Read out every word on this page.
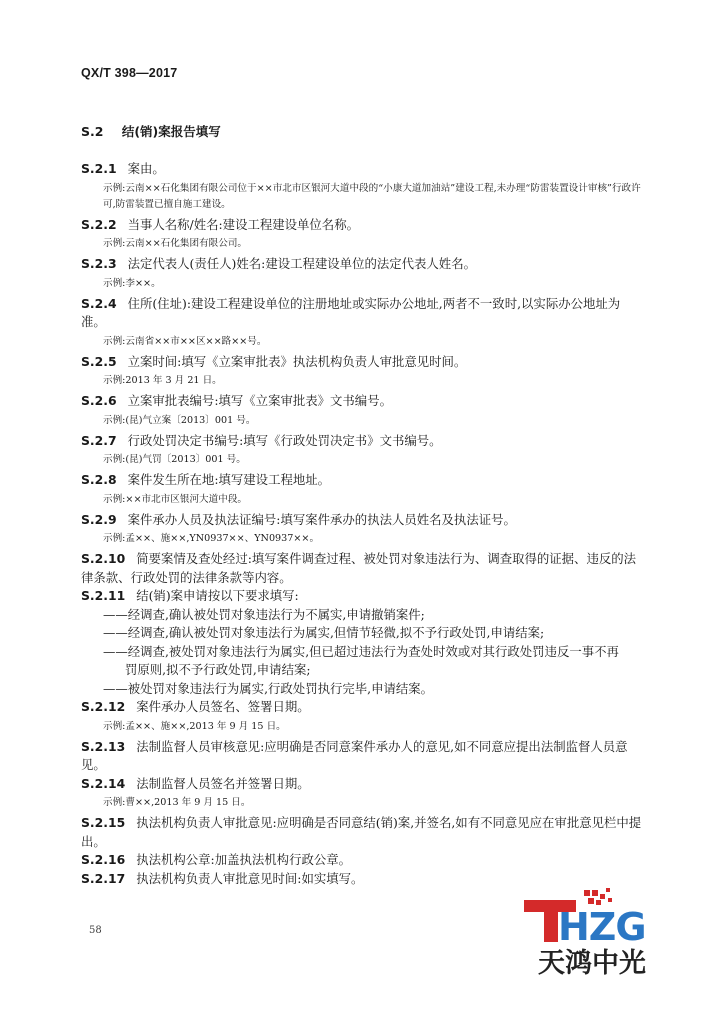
QX/T 398—2017
S.2 结(销)案报告填写

S.2.1 案由。

示例:云南××石化集团有限公司位于××市北市区银河大道中段的“小康大道加油站”建设工程,未办理“防雷装置设计审核”行政许可,防雷装置已擅自施工建设。

S.2.2 当事人名称/姓名:建设工程建设单位名称。

示例:云南××石化集团有限公司。

S.2.3 法定代表人(责任人)姓名:建设工程建设单位的法定代表人姓名。

示例:李××。

S.2.4 住所(住址):建设工程建设单位的注册地址或实际办公地址,两者不一致时,以实际办公地址为准。

示例:云南省××市××区××路××号。

S.2.5 立案时间:填写《立案审批表》执法机构负责人审批意见时间。

示例:2013 年 3 月 21 日。

S.2.6 立案审批表编号:填写《立案审批表》文书编号。

示例:(昆)气立案〔2013〕001 号。

S.2.7 行政处罚决定书编号:填写《行政处罚决定书》文书编号。

示例:(昆)气罚〔2013〕001 号。

S.2.8 案件发生所在地:填写建设工程地址。

示例:××市北市区银河大道中段。

S.2.9 案件承办人员及执法证编号:填写案件承办的执法人员姓名及执法证号。

示例:孟××、施××,YN0937××、YN0937××。

S.2.10 简要案情及查处经过:填写案件调查过程、被处罚对象违法行为、调查取得的证据、违反的法律条款、行政处罚的法律条款等内容。

S.2.11 结(销)案申请按以下要求填写:

——经调查,确认被处罚对象违法行为不属实,申请撤销案件;
——经调查,确认被处罚对象违法行为属实,但情节轻微,拟不予行政处罚,申请结案;
——经调查,被处罚对象违法行为属实,但已超过违法行为查处时效或对其行政处罚违反一事不再
罚原则,拟不予行政处罚,申请结案;
——被处罚对象违法行为属实,行政处罚执行完毕,申请结案。

S.2.12 案件承办人员签名、签署日期。

示例:孟××、施××,2013 年 9 月 15 日。

S.2.13 法制监督人员审核意见:应明确是否同意案件承办人的意见,如不同意应提出法制监督人员意见。

S.2.14 法制监督人员签名并签署日期。

示例:曹××,2013 年 9 月 15 日。

S.2.15 执法机构负责人审批意见:应明确是否同意结(销)案,并签名,如有不同意见应在审批意见栏中提出。

S.2.16 执法机构公章:加盖执法机构行政公章。

S.2.17 执法机构负责人审批意见时间:如实填写。

58	HZG
天鸿中光
